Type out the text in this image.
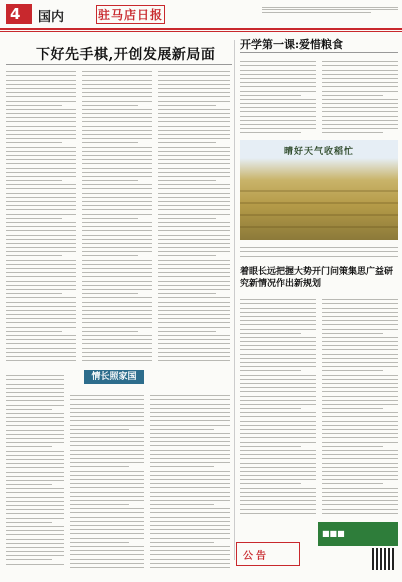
4	国内	驻马店日报
下好先手棋,开创发展新局面
开学第一课:爱惜粮食
晴好天气收稻忙
着眼长远把握大势开门问策集思广益研究新情况作出新规划
情长照家国
公告
■■■
